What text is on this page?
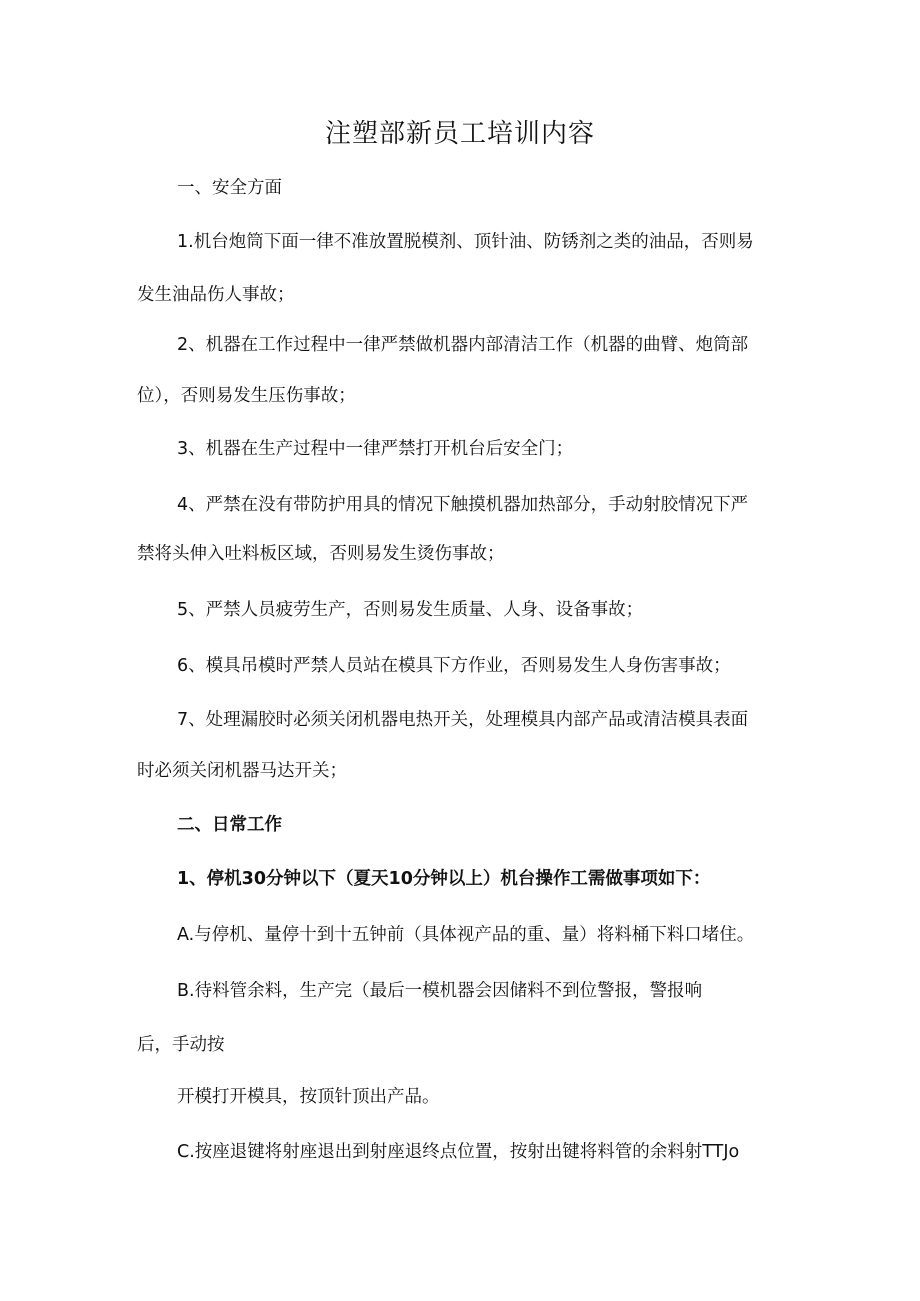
注塑部新员工培训内容

一、安全方面

1.机台炮筒下面一律不准放置脱模剂、顶针油、防锈剂之类的油品，否则易

发生油品伤人事故；

2、机器在工作过程中一律严禁做机器内部清洁工作（机器的曲臂、炮筒部

位），否则易发生压伤事故；

3、机器在生产过程中一律严禁打开机台后安全门；

4、严禁在没有带防护用具的情况下触摸机器加热部分，手动射胶情况下严

禁将头伸入吐料板区域，否则易发生烫伤事故；

5、严禁人员疲劳生产，否则易发生质量、人身、设备事故；

6、模具吊模时严禁人员站在模具下方作业，否则易发生人身伤害事故；

7、处理漏胶时必须关闭机器电热开关，处理模具内部产品或清洁模具表面

时必须关闭机器马达开关；

二、日常工作

1、停机30分钟以下（夏天10分钟以上）机台操作工需做事项如下：

A.与停机、量停十到十五钟前（具体视产品的重、量）将料桶下料口堵住。

B.待料管余料，生产完（最后一模机器会因储料不到位警报，警报响

后，手动按

开模打开模具，按顶针顶出产品。

C.按座退键将射座退出到射座退终点位置，按射出键将料管的余料射TTJo
